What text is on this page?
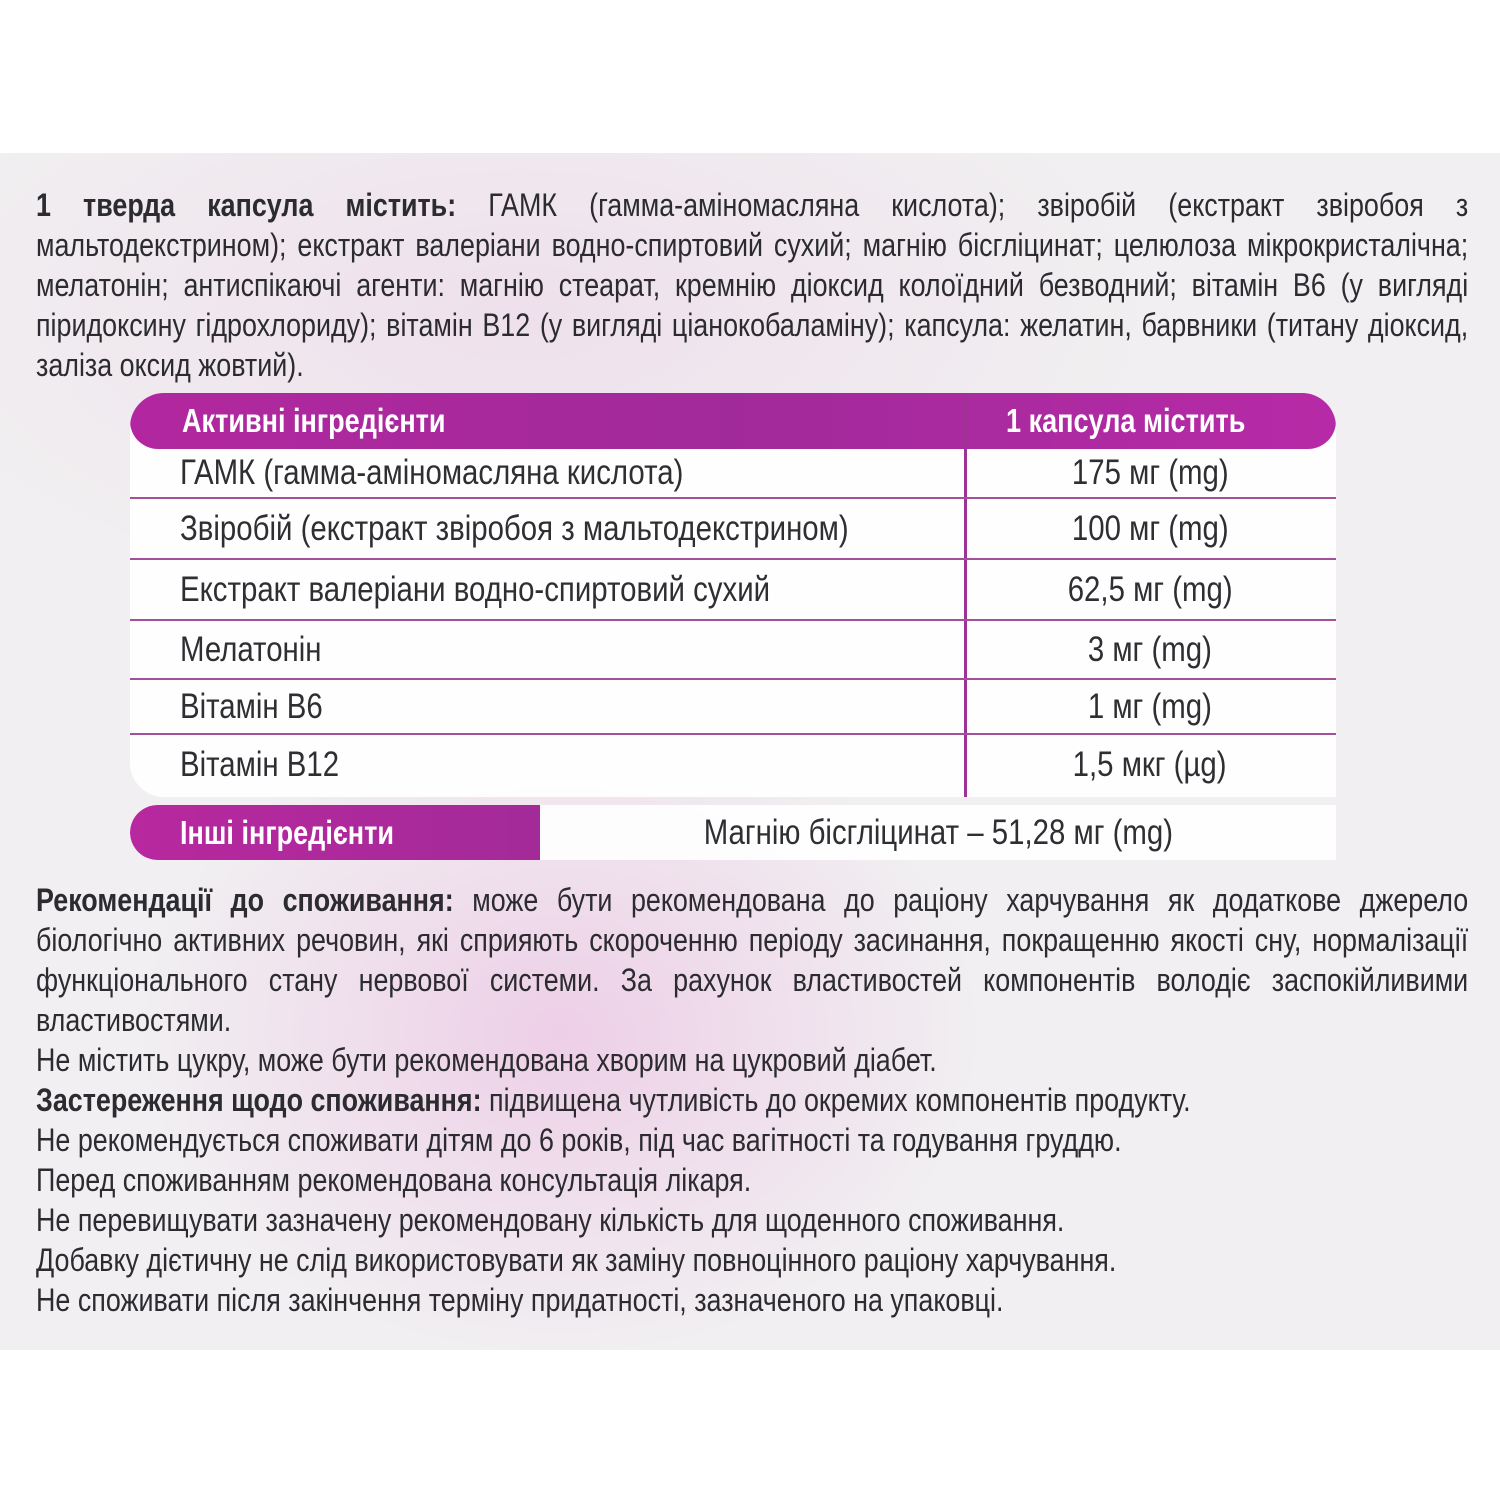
1 тверда капсула містить: ГАМК (гамма-аміномасляна кислота); звіробій (екстракт звіробоя з мальтодекстрином); екстракт валеріани водно-спиртовий сухий; магнію бісгліцинат; целюлоза мікрокристалічна; мелатонін; антиспікаючі агенти: магнію стеарат, кремнію діоксид колоїдний безводний; вітамін В6 (у вигляді піридоксину гідрохлориду); вітамін В12 (у вигляді ціанокобаламіну); капсула: желатин, барвники (титану діоксид, заліза оксид жовтий).

Активні інгредієнти	1 капсула містить
ГАМК (гамма-аміномасляна кислота)	175 мг (mg)
Звіробій (екстракт звіробоя з мальтодекстрином)	100 мг (mg)
Екстракт валеріани водно-спиртовий сухий	62,5 мг (mg)
Мелатонін	3 мг (mg)
Вітамін В6	1 мг (mg)
Вітамін В12	1,5 мкг (µg)
Інші інгредієнти	Магнію бісгліцинат – 51,28 мг (mg)

Рекомендації до споживання: може бути рекомендована до раціону харчування як додаткове джерело біологічно активних речовин, які сприяють скороченню періоду засинання, покращенню якості сну, нормалізації функціонального стану нервової системи. За рахунок властивостей компонентів володіє заспокійливими властивостями.

Не містить цукру, може бути рекомендована хворим на цукровий діабет.

Застереження щодо споживання: підвищена чутливість до окремих компонентів продукту.

Не рекомендується споживати дітям до 6 років, під час вагітності та годування груддю.

Перед споживанням рекомендована консультація лікаря.

Не перевищувати зазначену рекомендовану кількість для щоденного споживання.

Добавку дієтичну не слід використовувати як заміну повноцінного раціону харчування.

Не споживати після закінчення терміну придатності, зазначеного на упаковці.
